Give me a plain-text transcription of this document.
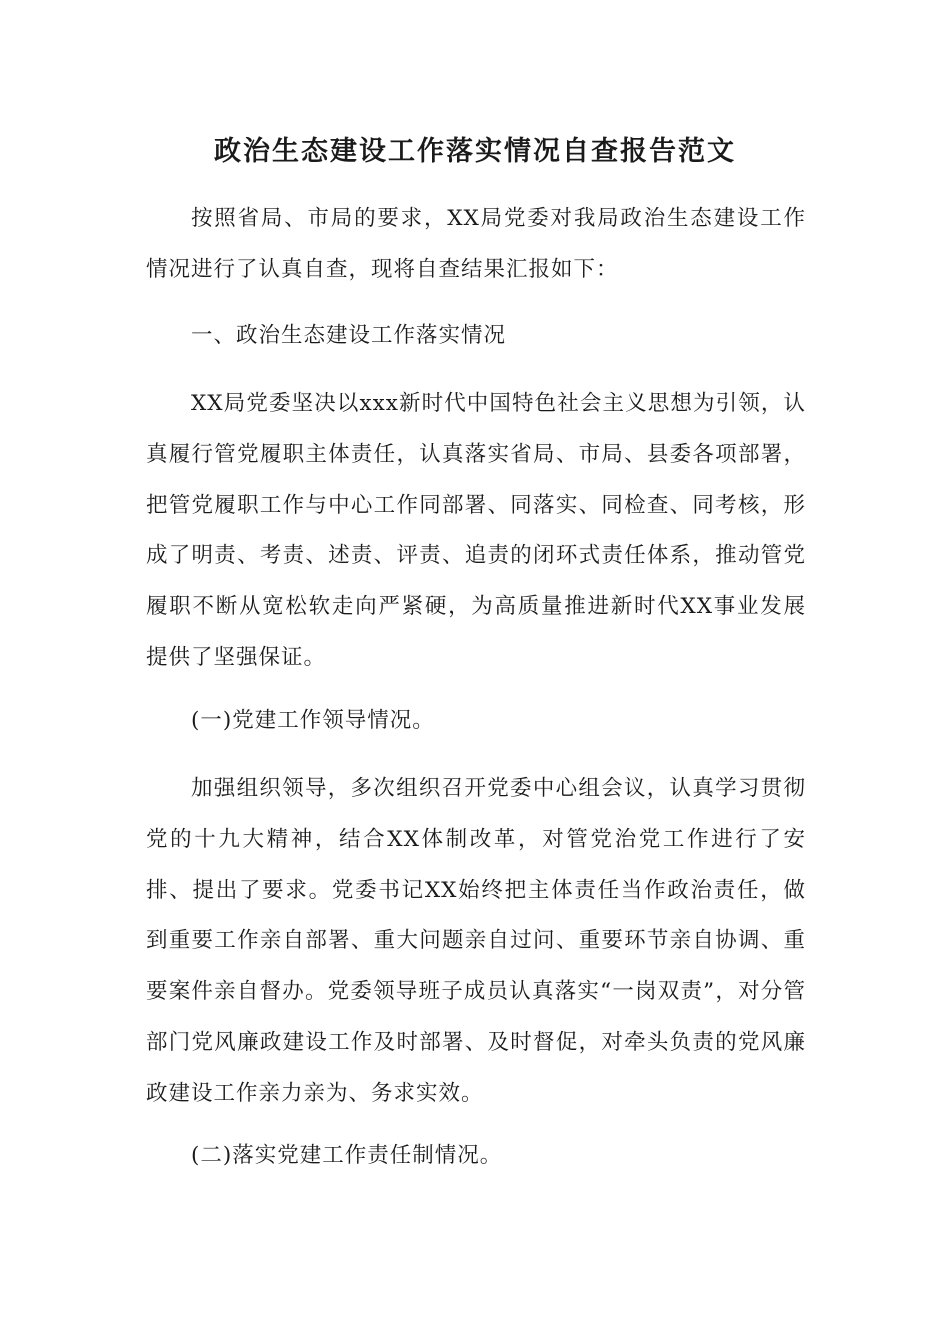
政治生态建设工作落实情况自查报告范文

按照省局、市局的要求，XX局党委对我局政治生态建设工作情况进行了认真自查，现将自查结果汇报如下：

一、政治生态建设工作落实情况

XX局党委坚决以xxx新时代中国特色社会主义思想为引领，认真履行管党履职主体责任，认真落实省局、市局、县委各项部署，把管党履职工作与中心工作同部署、同落实、同检查、同考核，形成了明责、考责、述责、评责、追责的闭环式责任体系，推动管党履职不断从宽松软走向严紧硬，为高质量推进新时代XX事业发展提供了坚强保证。

(一)党建工作领导情况。

加强组织领导，多次组织召开党委中心组会议，认真学习贯彻党的十九大精神，结合XX体制改革，对管党治党工作进行了安排、提出了要求。党委书记XX始终把主体责任当作政治责任，做到重要工作亲自部署、重大问题亲自过问、重要环节亲自协调、重要案件亲自督办。党委领导班子成员认真落实“一岗双责”，对分管部门党风廉政建设工作及时部署、及时督促，对牵头负责的党风廉政建设工作亲力亲为、务求实效。

(二)落实党建工作责任制情况。
